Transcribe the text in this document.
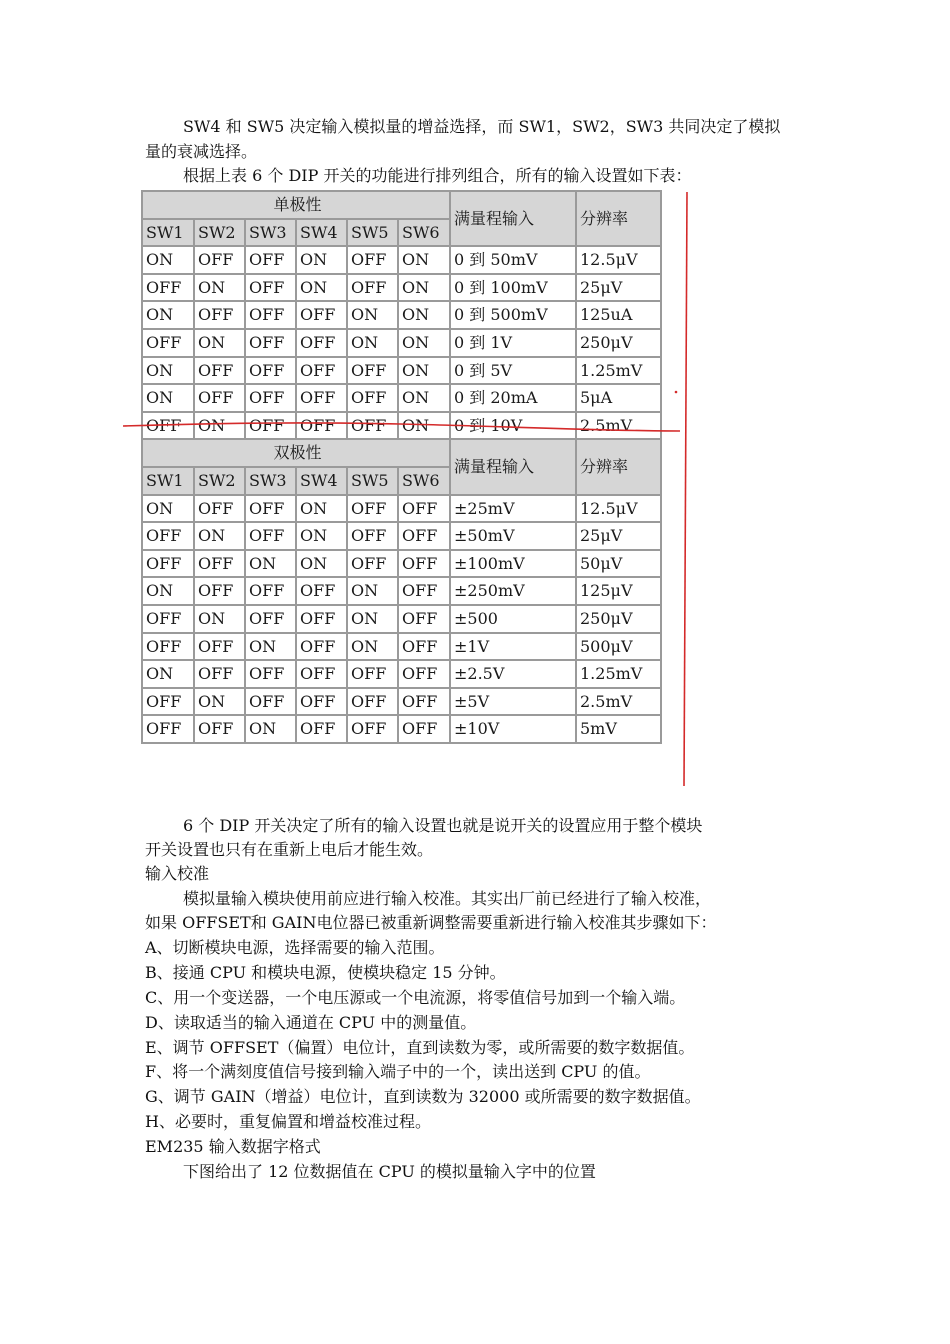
SW4 和 SW5 决定输入模拟量的增益选择，而 SW1，SW2，SW3 共同决定了模拟
量的衰减选择。
根据上表 6 个 DIP 开关的功能进行排列组合，所有的输入设置如下表：
单极性						满量程输入	分辨率
SW1	SW2	SW3	SW4	SW5	SW6		
ON	OFF	OFF	ON	OFF	ON	0 到 50mV	12.5μV
OFF	ON	OFF	ON	OFF	ON	0 到 100mV	25μV
ON	OFF	OFF	OFF	ON	ON	0 到 500mV	125uA
OFF	ON	OFF	OFF	ON	ON	0 到 1V	250μV
ON	OFF	OFF	OFF	OFF	ON	0 到 5V	1.25mV
ON	OFF	OFF	OFF	OFF	ON	0 到 20mA	5μA
OFF	ON	OFF	OFF	OFF	ON	0 到 10V	2.5mV
双极性						满量程输入	分辨率
SW1	SW2	SW3	SW4	SW5	SW6		
ON	OFF	OFF	ON	OFF	OFF	±25mV	12.5μV
OFF	ON	OFF	ON	OFF	OFF	±50mV	25μV
OFF	OFF	ON	ON	OFF	OFF	±100mV	50μV
ON	OFF	OFF	OFF	ON	OFF	±250mV	125μV
OFF	ON	OFF	OFF	ON	OFF	±500	250μV
OFF	OFF	ON	OFF	ON	OFF	±1V	500μV
ON	OFF	OFF	OFF	OFF	OFF	±2.5V	1.25mV
OFF	ON	OFF	OFF	OFF	OFF	±5V	2.5mV
OFF	OFF	ON	OFF	OFF	OFF	±10V	5mV
6 个 DIP 开关决定了所有的输入设置也就是说开关的设置应用于整个模块
开关设置也只有在重新上电后才能生效。
输入校准
模拟量输入模块使用前应进行输入校准。其实出厂前已经进行了输入校准，
如果 OFFSET和 GAIN电位器已被重新调整需要重新进行输入校准其步骤如下：
A、切断模块电源，选择需要的输入范围。
B、接通 CPU 和模块电源，使模块稳定 15 分钟。
C、用一个变送器，一个电压源或一个电流源，将零值信号加到一个输入端。
D、读取适当的输入通道在 CPU 中的测量值。
E、调节 OFFSET（偏置）电位计，直到读数为零，或所需要的数字数据值。
F、将一个满刻度值信号接到输入端子中的一个，读出送到 CPU 的值。
G、调节 GAIN（增益）电位计，直到读数为 32000 或所需要的数字数据值。
H、必要时，重复偏置和增益校准过程。
EM235 输入数据字格式
下图给出了 12 位数据值在 CPU 的模拟量输入字中的位置
